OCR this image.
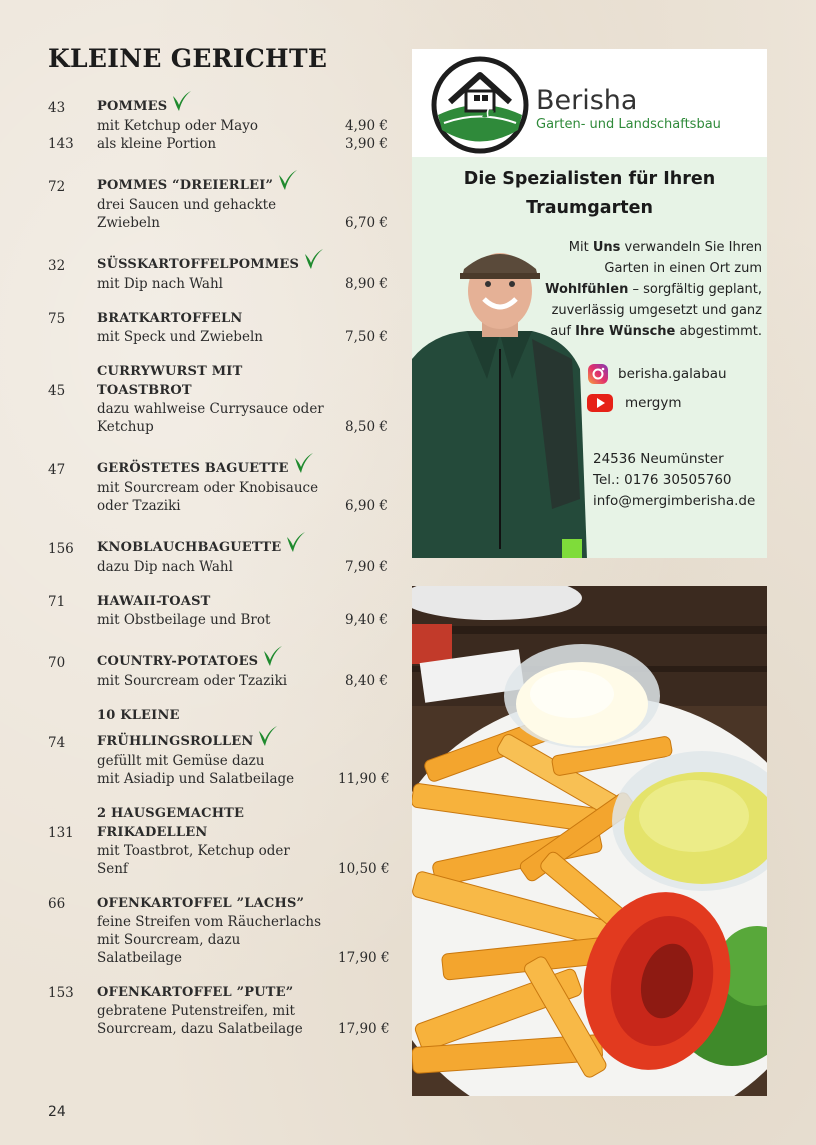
KLEINE GERICHTE
43	POMMES
mit Ketchup oder Mayo	4,90 €
143	als kleine Portion	3,90 €
72	POMMES “DREIERLEI”
drei Saucen und gehackte
Zwiebeln	6,70 €
32	SÜSSKARTOFFELPOMMES
mit Dip nach Wahl	8,90 €
75	BRATKARTOFFELN
mit Speck und Zwiebeln	7,50 €
45
CURRYWURST MIT TOASTBROT
dazu wahlweise Currysauce oder
Ketchup	8,50 €
47	GERÖSTETES BAGUETTE
mit Sourcream oder Knobisauce
oder Tzaziki	6,90 €
156	KNOBLAUCHBAGUETTE
dazu Dip nach Wahl	7,90 €
71	HAWAII-TOAST
mit Obstbeilage und Brot	9,40 €
70	COUNTRY-POTATOES
mit Sourcream oder Tzaziki	8,40 €
74
10 KLEINE FRÜHLINGSROLLEN
gefüllt mit Gemüse dazu
mit Asiadip und Salatbeilage	11,90 €
131
2 HAUSGEMACHTE FRIKADELLEN
mit Toastbrot, Ketchup oder
Senf	10,50 €
66	OFENKARTOFFEL ”LACHS”
feine Streifen vom Räucherlachs
mit Sourcream, dazu
Salatbeilage	17,90 €
153	OFENKARTOFFEL ”PUTE”
gebratene Putenstreifen, mit
Sourcream, dazu Salatbeilage	17,90 €
24
Berisha
Garten- und Landschaftsbau
Die Spezialisten für Ihren
Traumgarten
Mit Uns verwandeln Sie Ihren
Garten in einen Ort zum
Wohlfühlen – sorgfältig geplant,
zuverlässig umgesetzt und ganz
auf Ihre Wünsche abgestimmt.
berisha.galabau
mergym
24536 Neumünster
Tel.: 0176 30505760
info@mergimberisha.de
